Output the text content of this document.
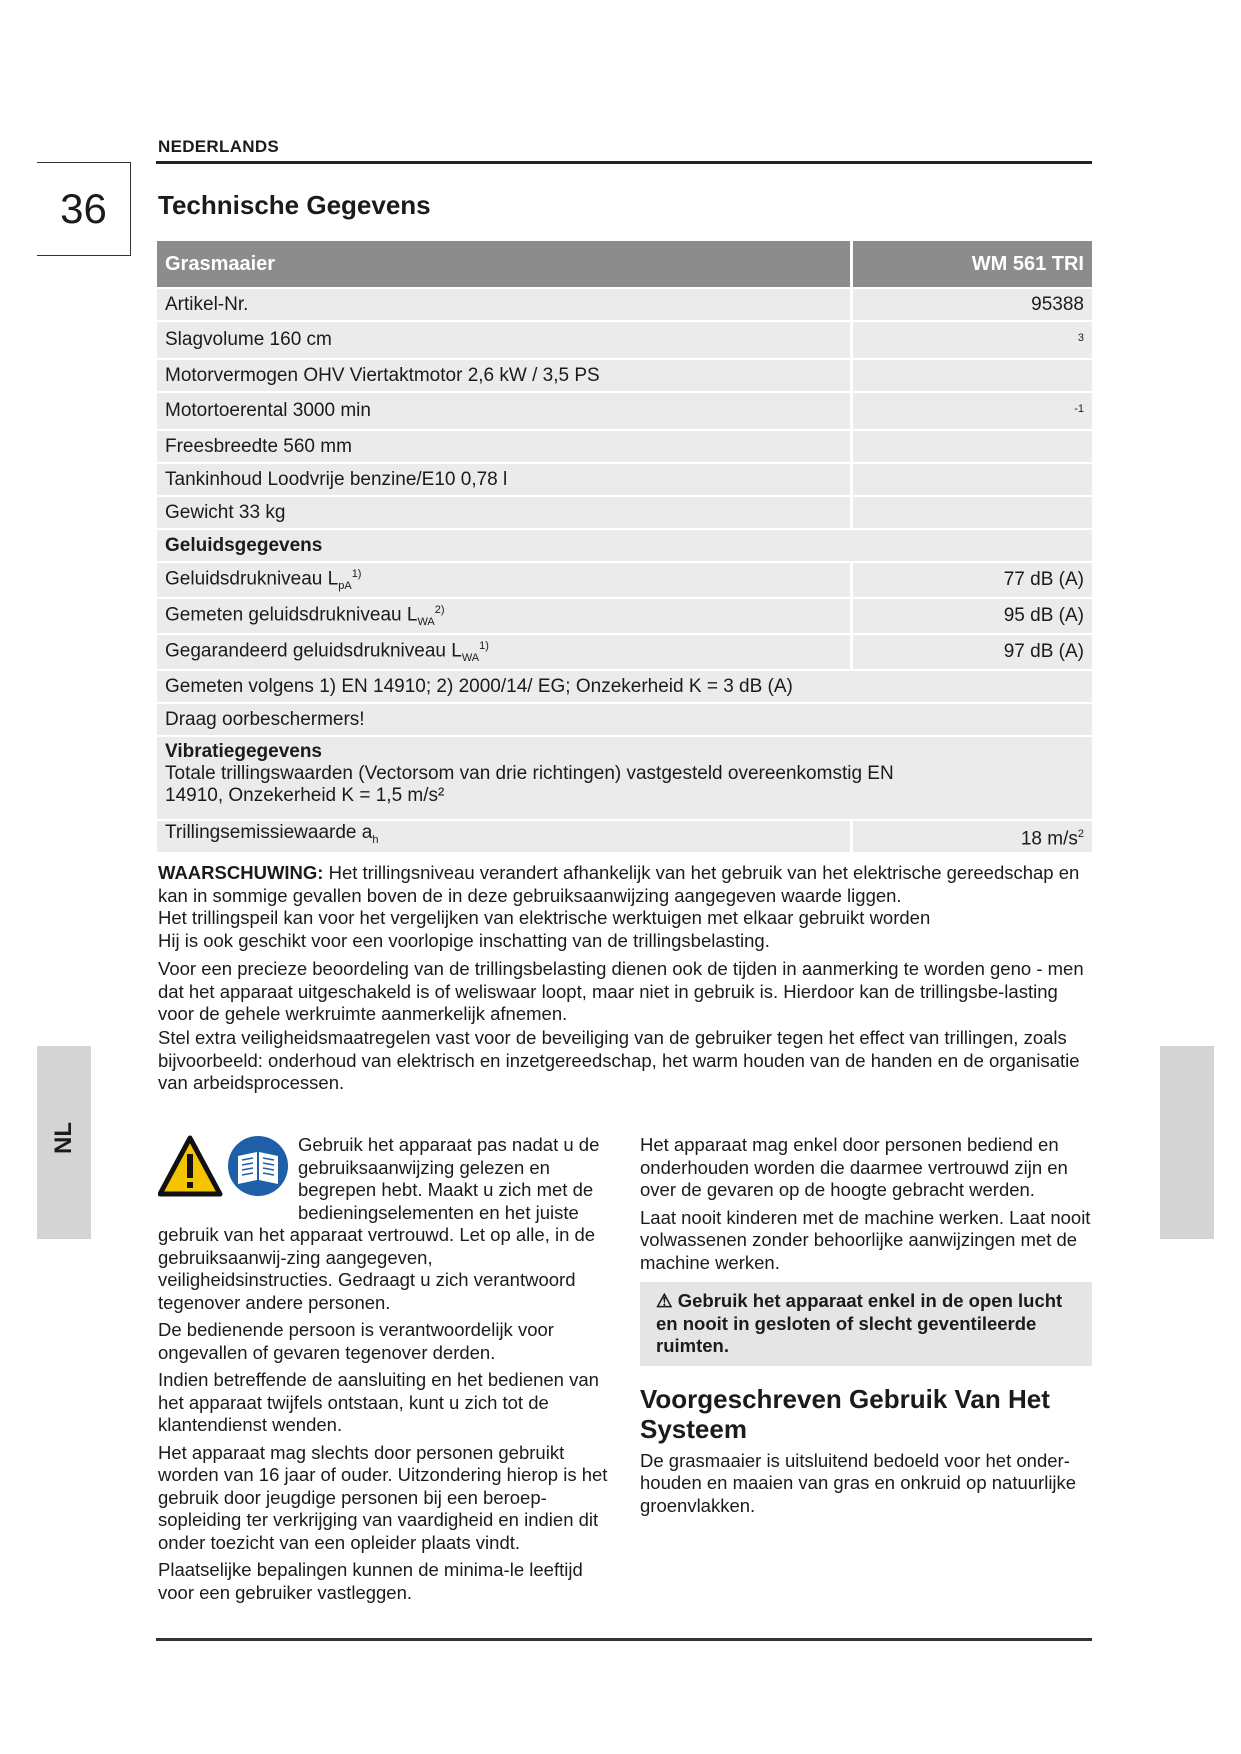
NEDERLANDS
36	Technische Gegevens
Grasmaaier	WM 561 TRI
Artikel-Nr.	95388
Slagvolume 160 cm	3
Motorvermogen OHV Viertaktmotor 2,6 kW / 3,5 PS	
Motortoerental 3000 min	-1
Freesbreedte 560 mm	
Tankinhoud Loodvrije benzine/E10 0,78 l	
Gewicht 33 kg	
Geluidsgegevens	
Geluidsdrukniveau $L_{pA}^{1)}$	77 dB (A)
Gemeten geluidsdrukniveau $L_{WA}^{2)}$	95 dB (A)
Gegarandeerd geluidsdrukniveau $L_{WA}^{1)}$	97 dB (A)
Gemeten volgens 1) EN 14910; 2) 2000/14/ EG; Onzekerheid K = 3 dB (A)	
Draag oorbeschermers!	

Vibratiegegevens
Totale trillingswaarden (Vectorsom van drie richtingen) vastgesteld overeenkomstig EN 14910, Onzekerheid K = 1,5 m/s²	

Trillingsemissiewaarde $a_h$	18 $m/s^2$
WAARSCHUWING: Het trillingsniveau verandert afhankelijk van het gebruik van het elektrische gereedschap en kan in sommige gevallen boven de in deze gebruiksaanwijzing aangegeven waarde liggen.
Het trillingspeil kan voor het vergelijken van elektrische werktuigen met elkaar gebruikt worden
Hij is ook geschikt voor een voorlopige inschatting van de trillingsbelasting.
Voor een precieze beoordeling van de trillingsbelasting dienen ook de tijden in aanmerking te worden geno - men dat het apparaat uitgeschakeld is of weliswaar loopt, maar niet in gebruik is. Hierdoor kan de trillingsbe-lasting voor de gehele werkruimte aanmerkelijk afnemen.
Stel extra veiligheidsmaatregelen vast voor de beveiliging van de gebruiker tegen het effect van trillingen, zoals bijvoorbeeld: onderhoud van elektrisch en inzetgereedschap, het warm houden van de handen en de organisatie van arbeidsprocessen.

Gebruik het apparaat pas nadat u de gebruiksaanwijzing gelezen en begrepen hebt. Maakt u zich met de bedieningselementen en het juiste gebruik van het apparaat vertrouwd. Let op alle, in de gebruiksaanwij-zing aangegeven, veiligheidsinstructies. Gedraagt u zich verantwoord tegenover andere personen.

De bedienende persoon is verantwoordelijk voor ongevallen of gevaren tegenover derden.

Indien betreffende de aansluiting en het bedienen van het apparaat twijfels ontstaan, kunt u zich tot de klantendienst wenden.

Het apparaat mag slechts door personen gebruikt worden van 16 jaar of ouder. Uitzondering hierop is het gebruik door jeugdige personen bij een beroep-sopleiding ter verkrijging van vaardigheid en indien dit onder toezicht van een opleider plaats vindt.

Plaatselijke bepalingen kunnen de minima-le leeftijd voor een gebruiker vastleggen.

Het apparaat mag enkel door personen bediend en onderhouden worden die daarmee vertrouwd zijn en over de gevaren op de hoogte gebracht werden.

Laat nooit kinderen met de machine werken. Laat nooit volwassenen zonder behoorlijke aanwijzingen met de machine werken.

⚠ Gebruik het apparaat enkel in de open lucht en nooit in gesloten of slecht geventileerde ruimten.
Voorgeschreven Gebruik Van Het Systeem

De grasmaaier is uitsluitend bedoeld voor het onder-houden en maaien van gras en onkruid op natuurlijke groenvlakken.

NL
